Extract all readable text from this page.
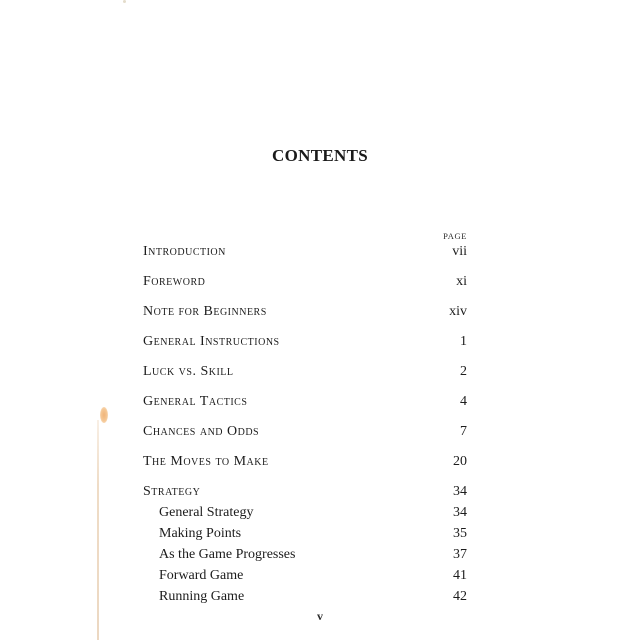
CONTENTS
PAGE
Introduction	vii
Foreword	xi
Note for Beginners	xiv
General Instructions	1
Luck vs. Skill	2
General Tactics	4
Chances and Odds	7
The Moves to Make	20
Strategy	34
General Strategy	34
Making Points	35
As the Game Progresses	37
Forward Game	41
Running Game	42
v
